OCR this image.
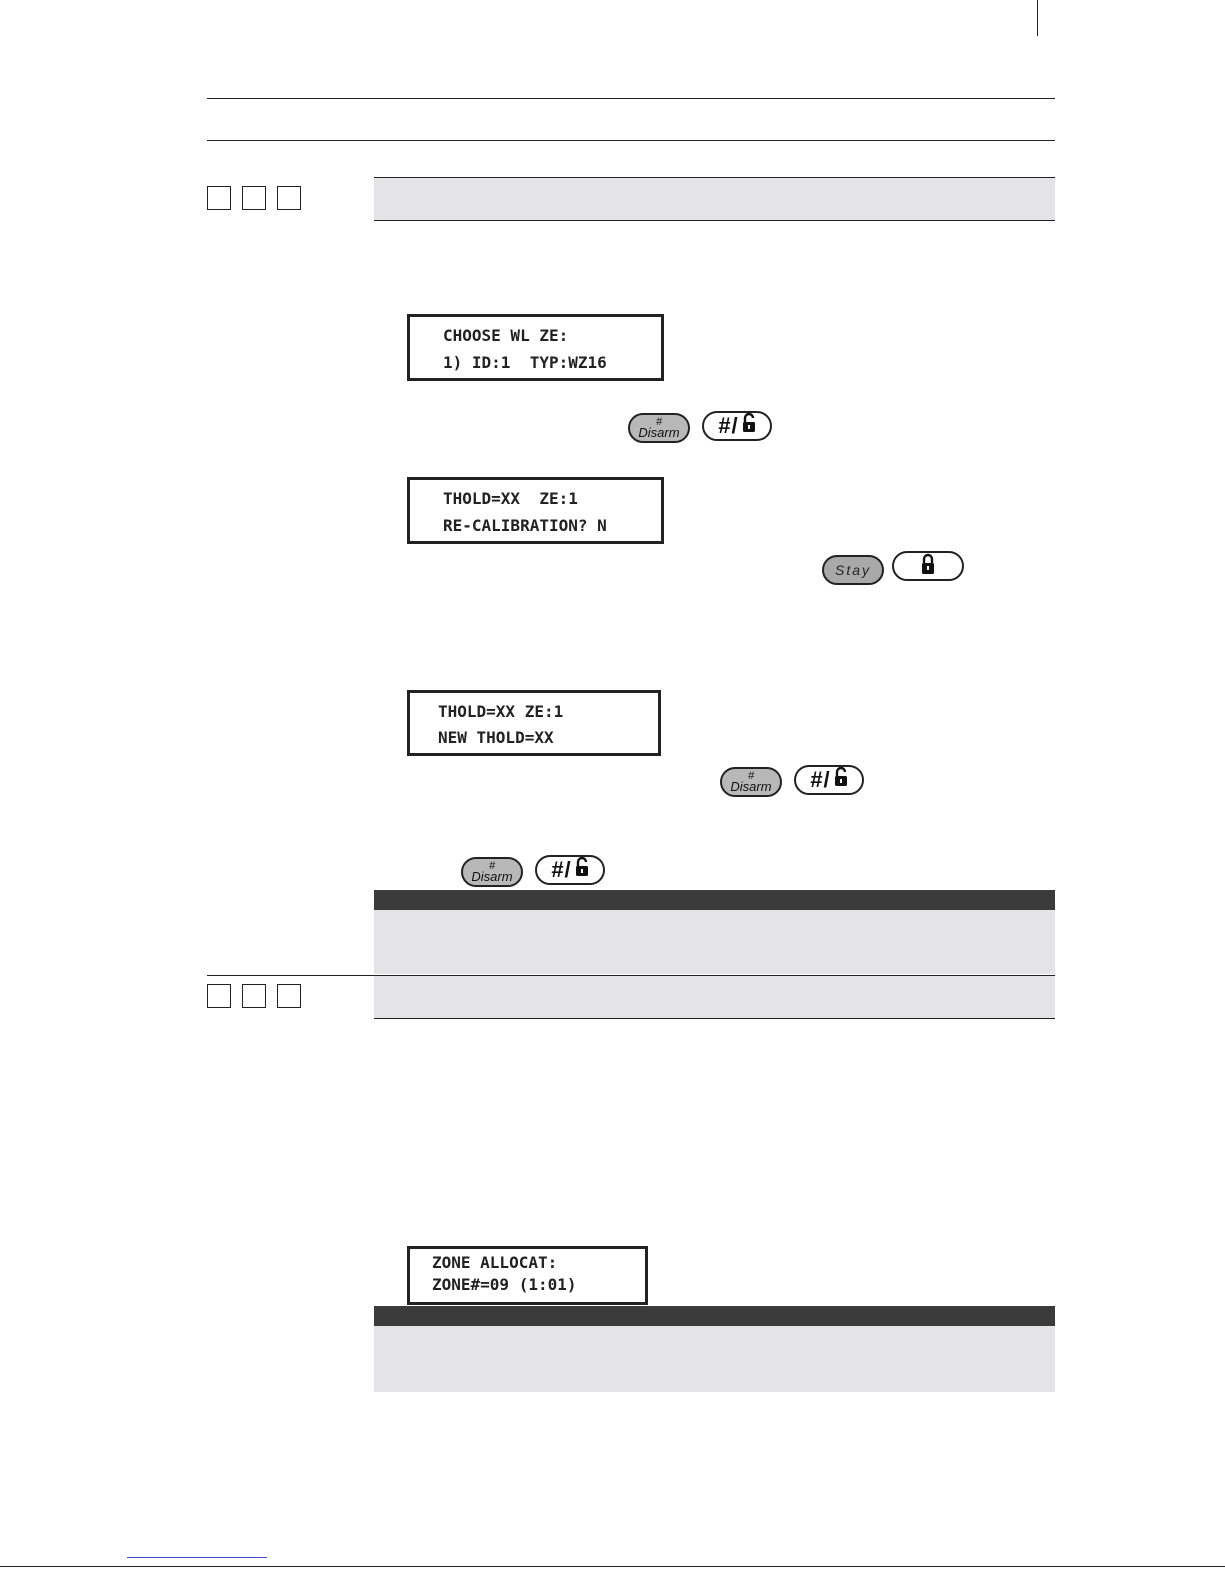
CHOOSE WL ZE:
1) ID:1  TYP:WZ16
#
Disarm	#/
THOLD=XX  ZE:1
RE-CALIBRATION? N
Stay
THOLD=XX ZE:1
NEW THOLD=XX
#
Disarm	#/
#
Disarm	#/
ZONE ALLOCAT:
ZONE#=09 (1:01)
